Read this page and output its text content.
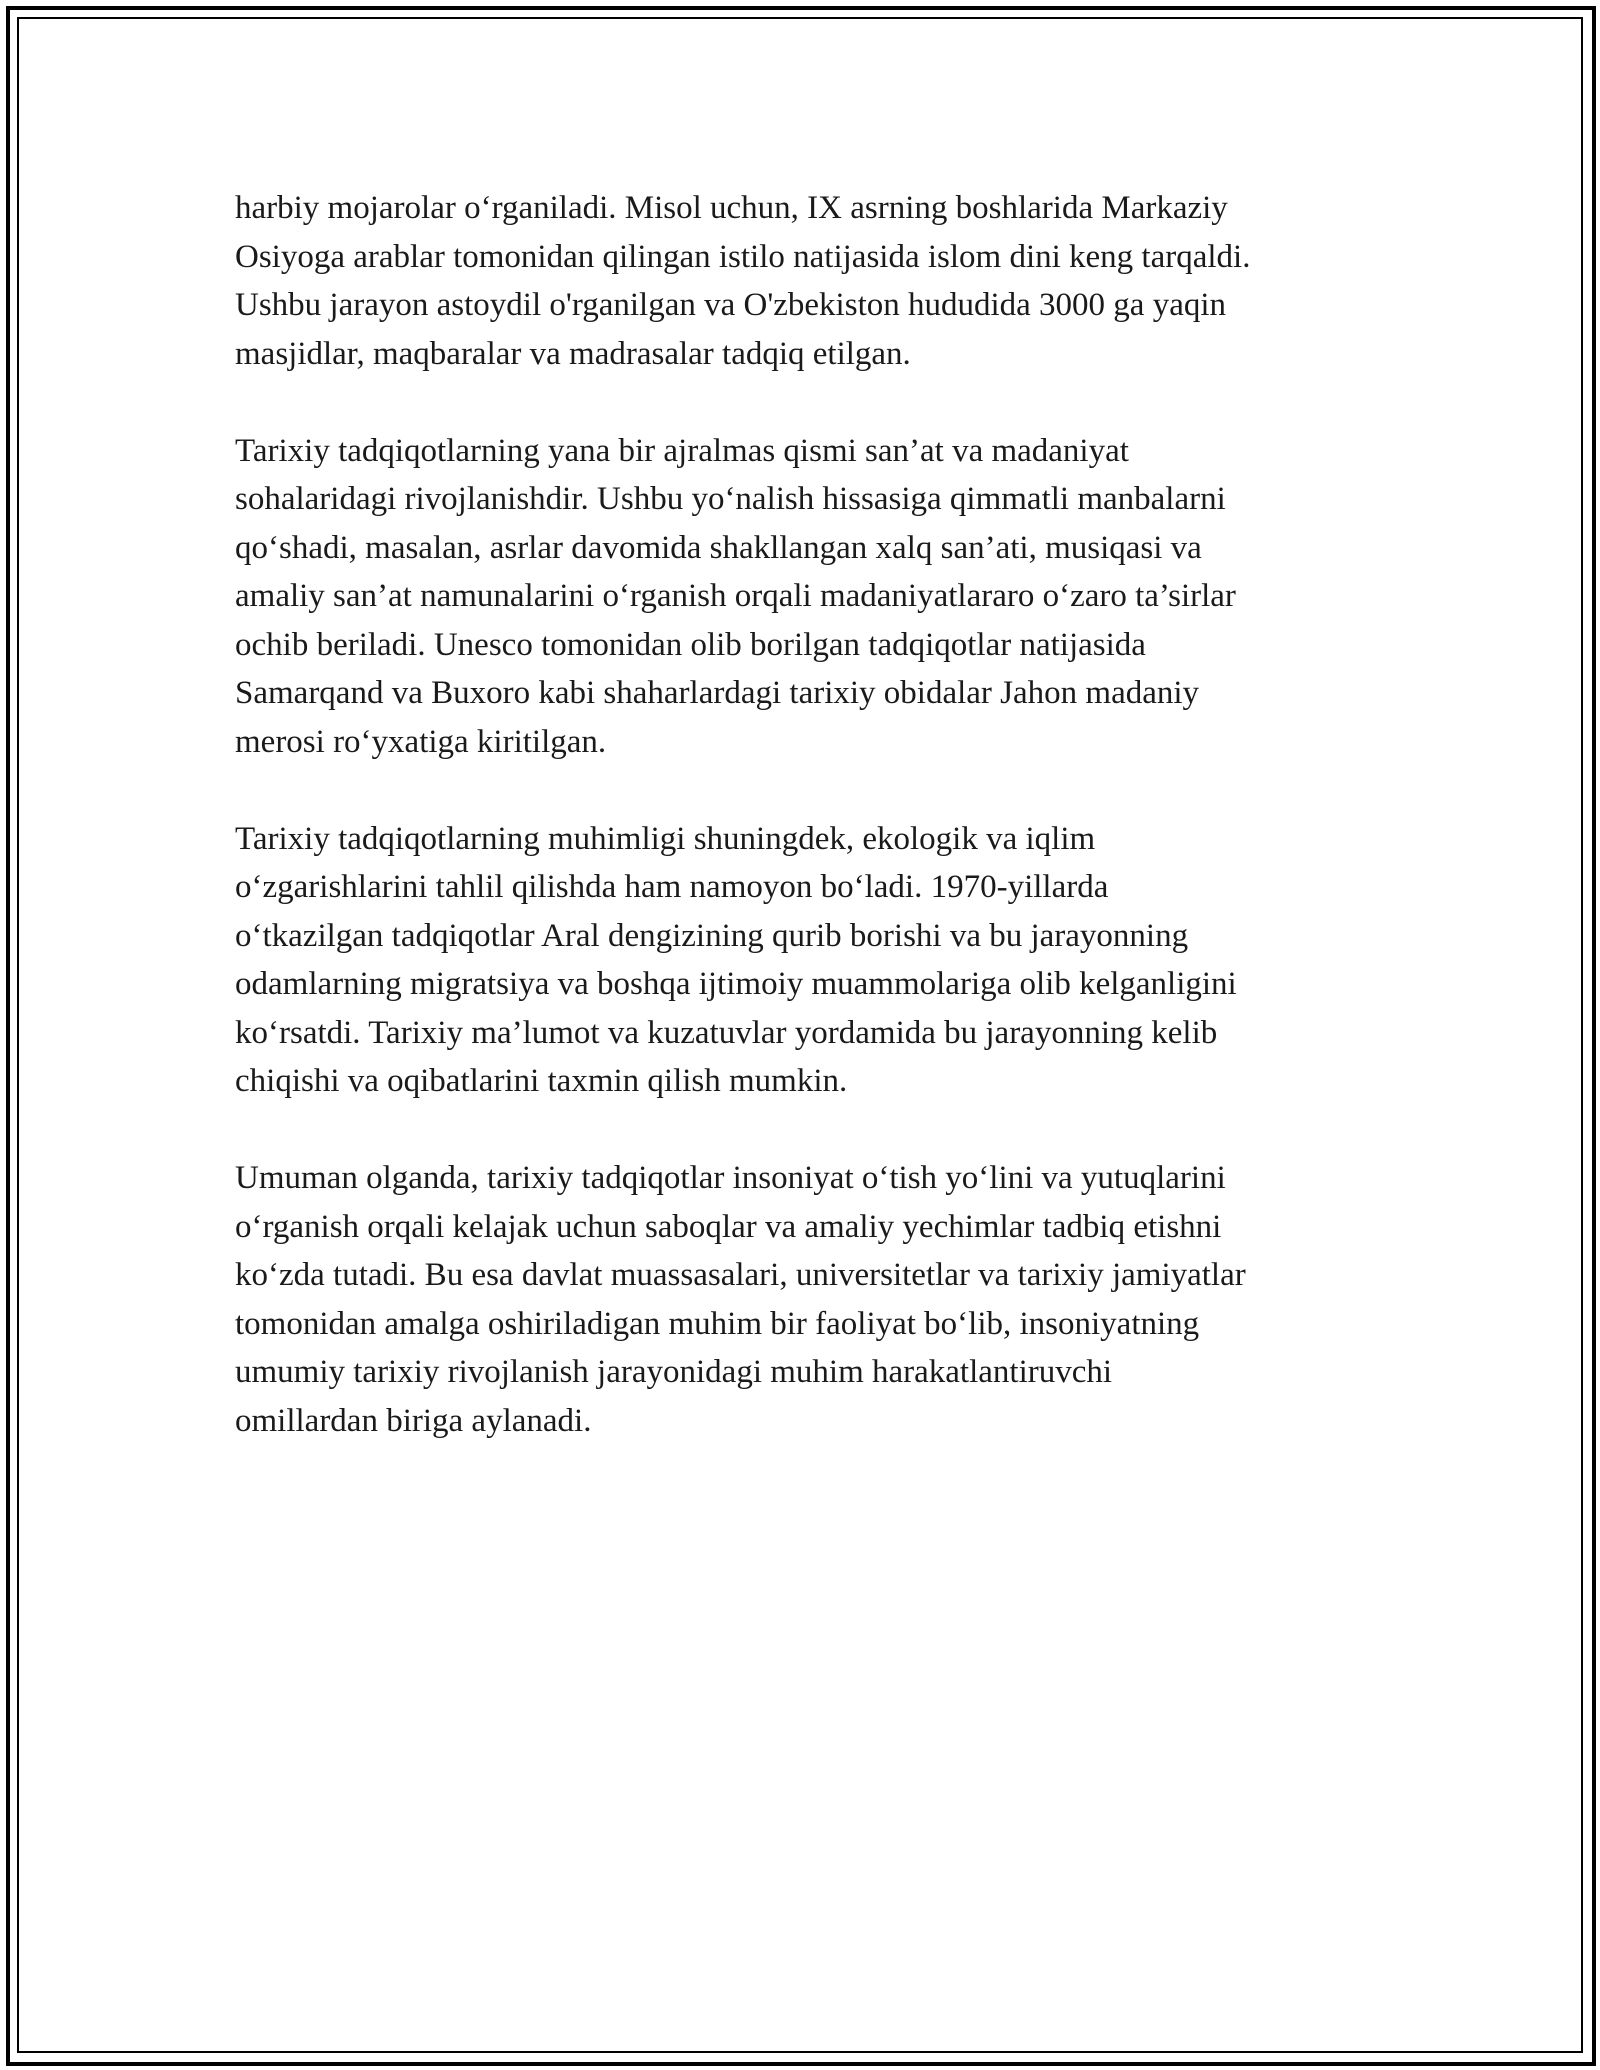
harbiy mojarolar o‘rganiladi. Misol uchun, IX asrning boshlarida Markaziy
Osiyoga arablar tomonidan qilingan istilo natijasida islom dini keng tarqaldi.
Ushbu jarayon astoydil o'rganilgan va O'zbekiston hududida 3000 ga yaqin
masjidlar, maqbaralar va madrasalar tadqiq etilgan.

Tarixiy tadqiqotlarning yana bir ajralmas qismi san’at va madaniyat
sohalaridagi rivojlanishdir. Ushbu yo‘nalish hissasiga qimmatli manbalarni
qo‘shadi, masalan, asrlar davomida shakllangan xalq san’ati, musiqasi va
amaliy san’at namunalarini o‘rganish orqali madaniyatlararo o‘zaro ta’sirlar
ochib beriladi. Unesco tomonidan olib borilgan tadqiqotlar natijasida
Samarqand va Buxoro kabi shaharlardagi tarixiy obidalar Jahon madaniy
merosi ro‘yxatiga kiritilgan.

Tarixiy tadqiqotlarning muhimligi shuningdek, ekologik va iqlim
o‘zgarishlarini tahlil qilishda ham namoyon bo‘ladi. 1970-yillarda
o‘tkazilgan tadqiqotlar Aral dengizining qurib borishi va bu jarayonning
odamlarning migratsiya va boshqa ijtimoiy muammolariga olib kelganligini
ko‘rsatdi. Tarixiy ma’lumot va kuzatuvlar yordamida bu jarayonning kelib
chiqishi va oqibatlarini taxmin qilish mumkin.

Umuman olganda, tarixiy tadqiqotlar insoniyat o‘tish yo‘lini va yutuqlarini
o‘rganish orqali kelajak uchun saboqlar va amaliy yechimlar tadbiq etishni
ko‘zda tutadi. Bu esa davlat muassasalari, universitetlar va tarixiy jamiyatlar
tomonidan amalga oshiriladigan muhim bir faoliyat bo‘lib, insoniyatning
umumiy tarixiy rivojlanish jarayonidagi muhim harakatlantiruvchi
omillardan biriga aylanadi.
